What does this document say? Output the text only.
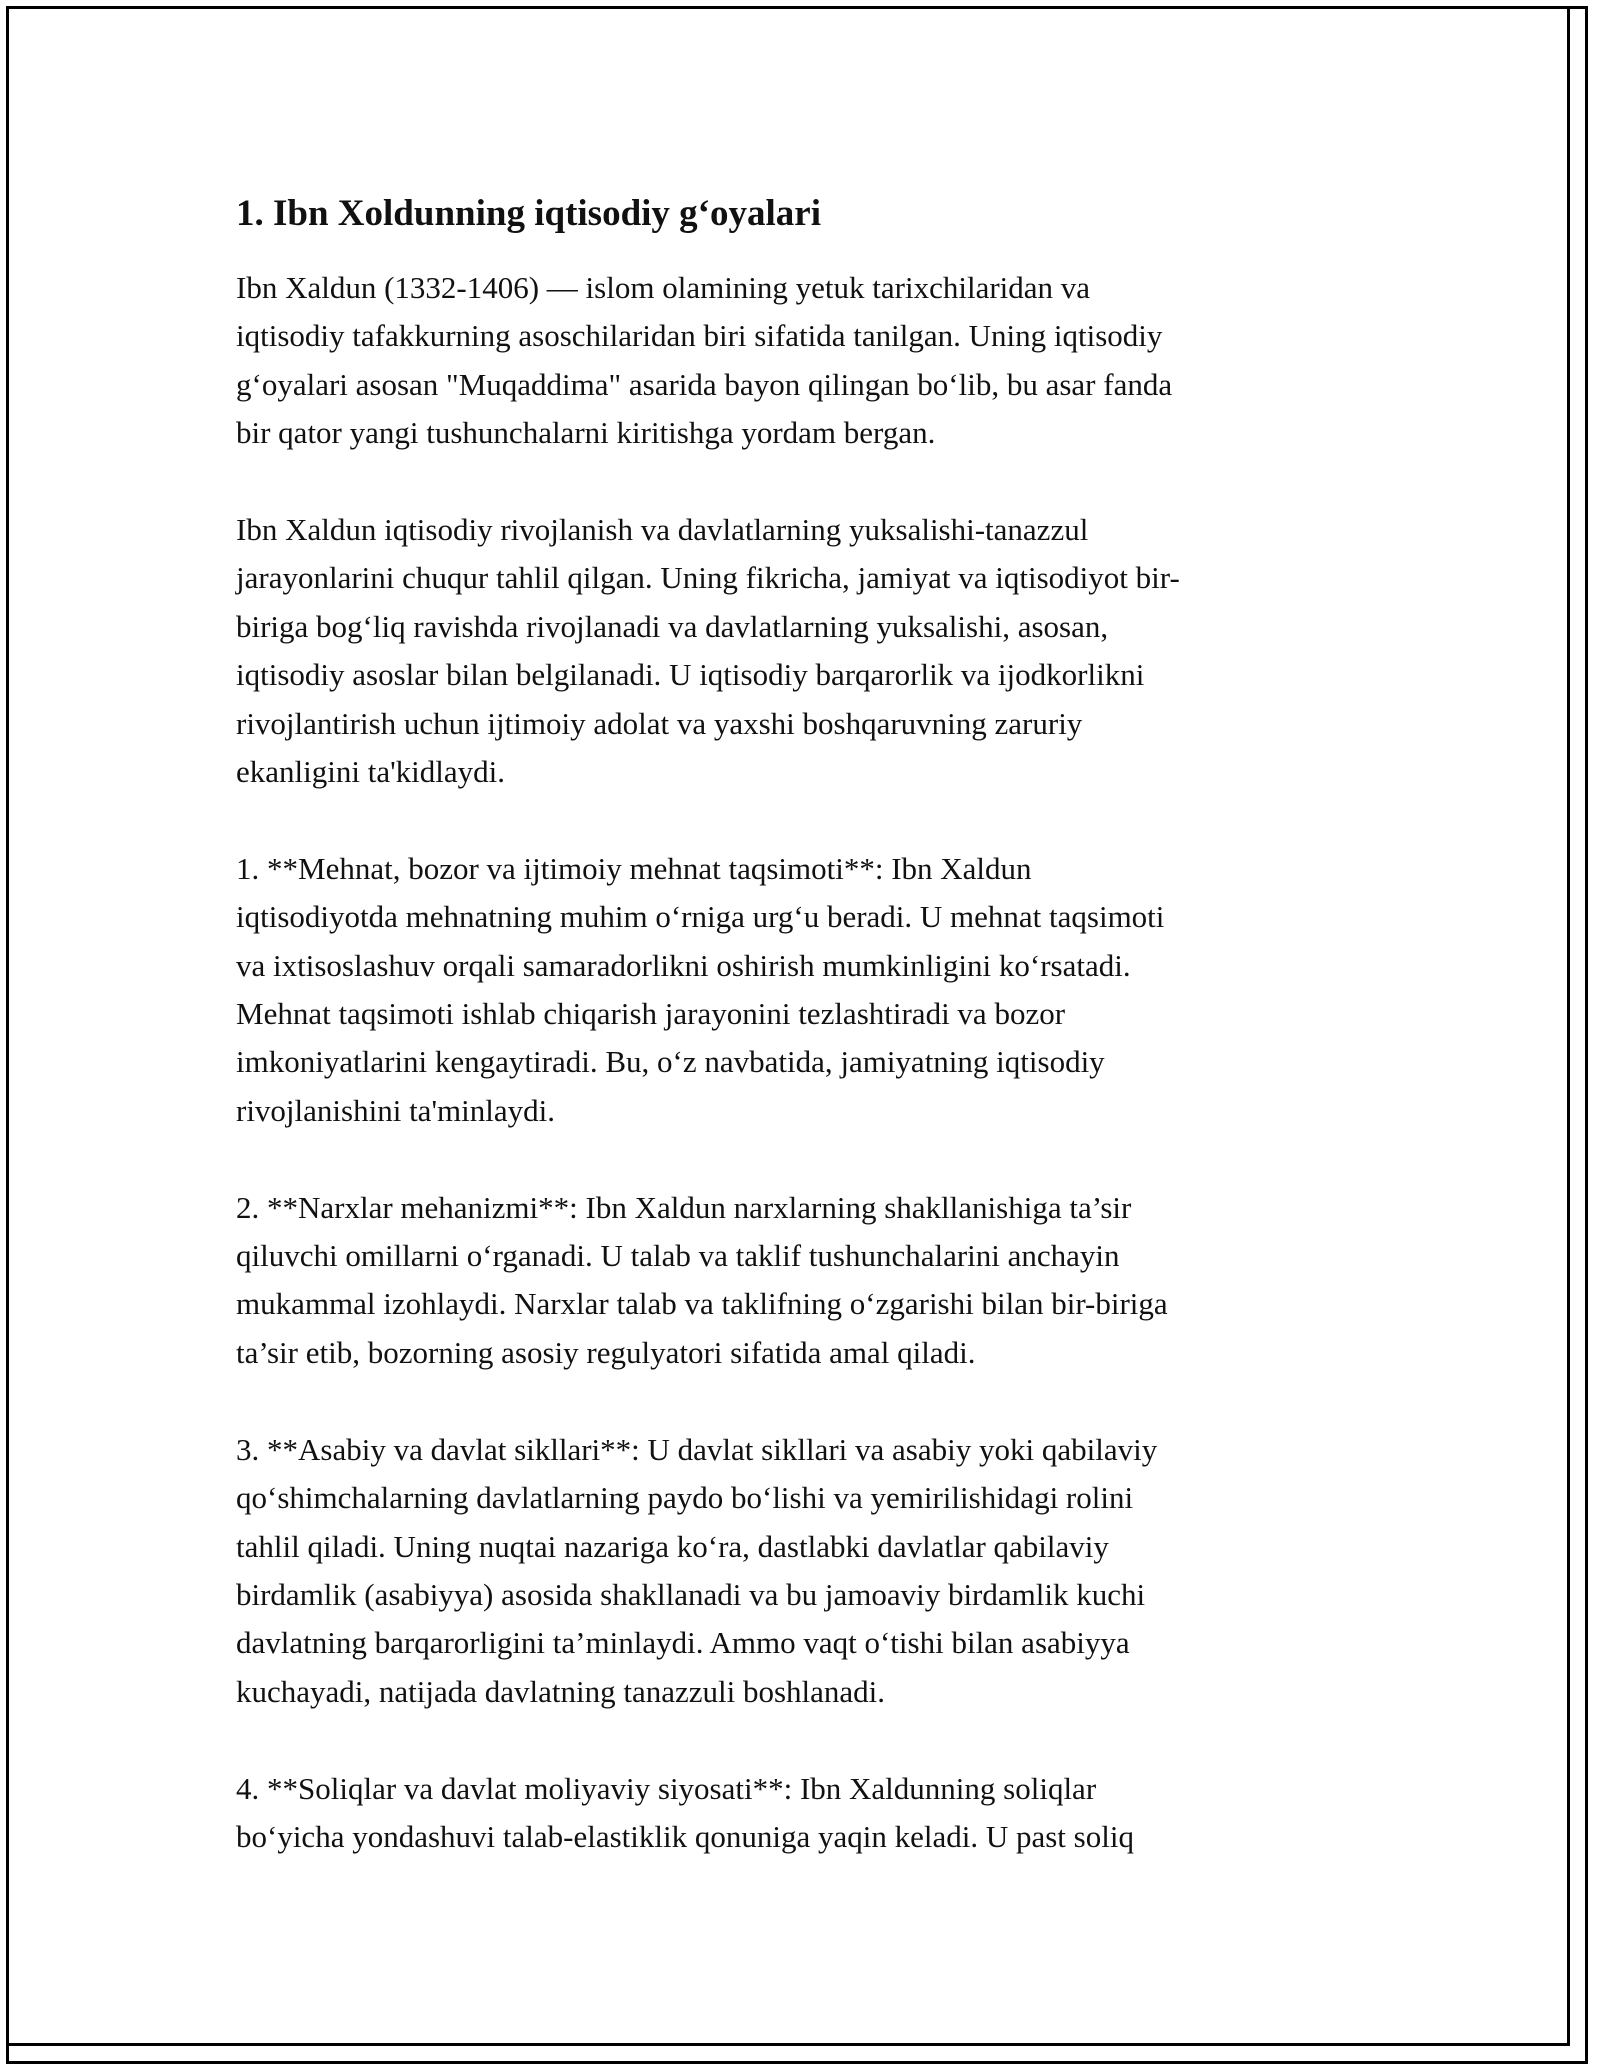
1. Ibn Xoldunning iqtisodiy g‘oyalari

Ibn Xaldun (1332-1406) — islom olamining yetuk tarixchilaridan va
iqtisodiy tafakkurning asoschilaridan biri sifatida tanilgan. Uning iqtisodiy
g‘oyalari asosan "Muqaddima" asarida bayon qilingan bo‘lib, bu asar fanda
bir qator yangi tushunchalarni kiritishga yordam bergan.

Ibn Xaldun iqtisodiy rivojlanish va davlatlarning yuksalishi-tanazzul
jarayonlarini chuqur tahlil qilgan. Uning fikricha, jamiyat va iqtisodiyot bir-
biriga bog‘liq ravishda rivojlanadi va davlatlarning yuksalishi, asosan,
iqtisodiy asoslar bilan belgilanadi. U iqtisodiy barqarorlik va ijodkorlikni
rivojlantirish uchun ijtimoiy adolat va yaxshi boshqaruvning zaruriy
ekanligini ta'kidlaydi.

1. **Mehnat, bozor va ijtimoiy mehnat taqsimoti**: Ibn Xaldun
iqtisodiyotda mehnatning muhim o‘rniga urg‘u beradi. U mehnat taqsimoti
va ixtisoslashuv orqali samaradorlikni oshirish mumkinligini ko‘rsatadi.
Mehnat taqsimoti ishlab chiqarish jarayonini tezlashtiradi va bozor
imkoniyatlarini kengaytiradi. Bu, o‘z navbatida, jamiyatning iqtisodiy
rivojlanishini ta'minlaydi.

2. **Narxlar mehanizmi**: Ibn Xaldun narxlarning shakllanishiga ta’sir
qiluvchi omillarni o‘rganadi. U talab va taklif tushunchalarini anchayin
mukammal izohlaydi. Narxlar talab va taklifning o‘zgarishi bilan bir-biriga
ta’sir etib, bozorning asosiy regulyatori sifatida amal qiladi.

3. **Asabiy va davlat sikllari**: U davlat sikllari va asabiy yoki qabilaviy
qo‘shimchalarning davlatlarning paydo bo‘lishi va yemirilishidagi rolini
tahlil qiladi. Uning nuqtai nazariga ko‘ra, dastlabki davlatlar qabilaviy
birdamlik (asabiyya) asosida shakllanadi va bu jamoaviy birdamlik kuchi
davlatning barqarorligini ta’minlaydi. Ammo vaqt o‘tishi bilan asabiyya
kuchayadi, natijada davlatning tanazzuli boshlanadi.

4. **Soliqlar va davlat moliyaviy siyosati**: Ibn Xaldunning soliqlar
bo‘yicha yondashuvi talab-elastiklik qonuniga yaqin keladi. U past soliq
